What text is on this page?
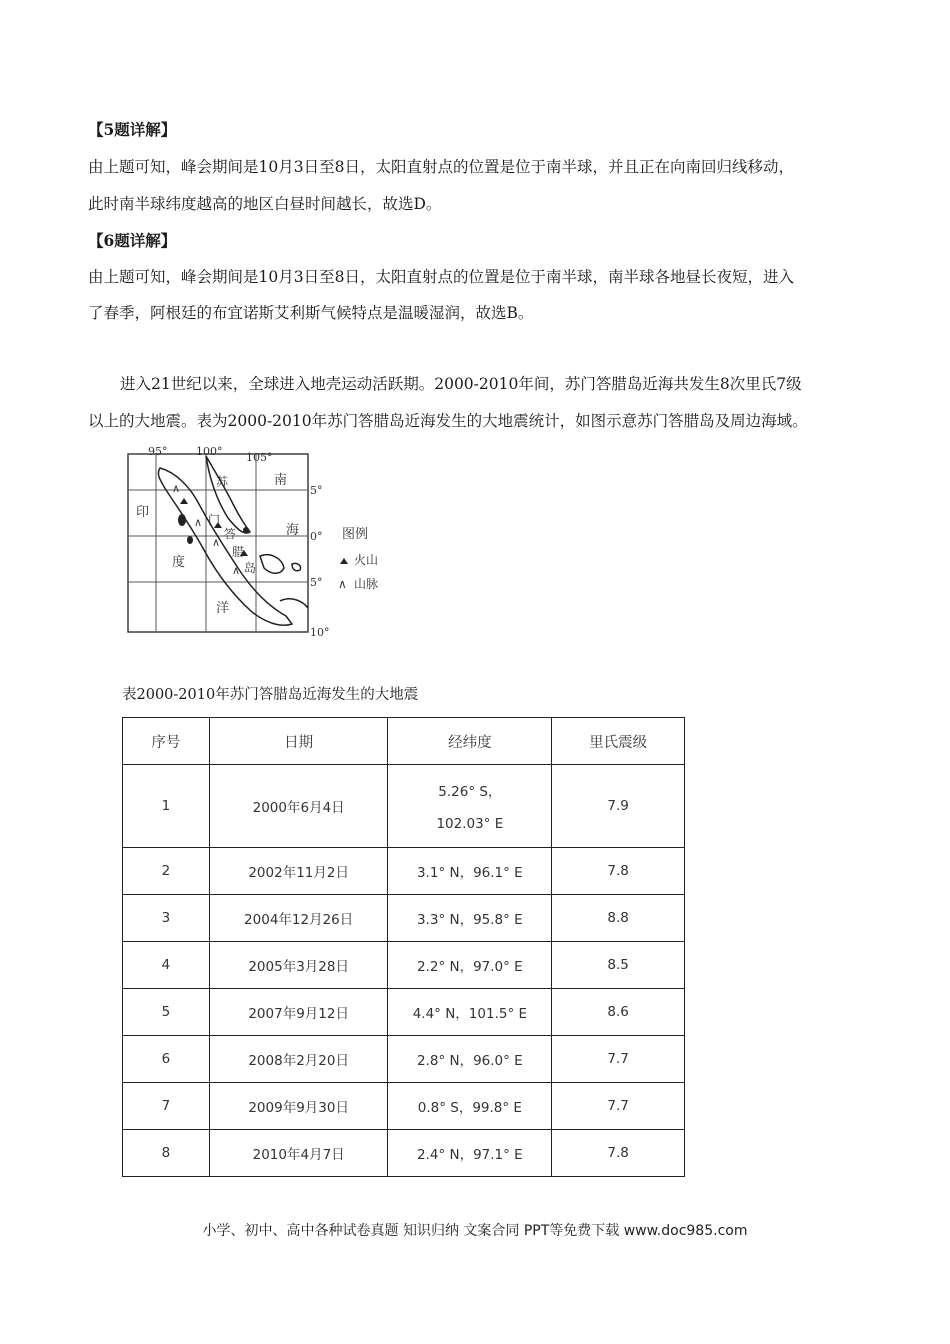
【5题详解】
由上题可知，峰会期间是10月3日至8日，太阳直射点的位置是位于南半球，并且正在向南回归线移动，
此时南半球纬度越高的地区白昼时间越长，故选D。
【6题详解】
由上题可知，峰会期间是10月3日至8日，太阳直射点的位置是位于南半球，南半球各地昼长夜短，进入
了春季，阿根廷的布宜诺斯艾利斯气候特点是温暖湿润，故选B。
进入21世纪以来，全球进入地壳运动活跃期。2000-2010年间，苏门答腊岛近海共发生8次里氏7级
以上的大地震。表为2000-2010年苏门答腊岛近海发生的大地震统计，如图示意苏门答腊岛及周边海域。
∧
∧
∧
∧
95°	100° 105°
5°
0°
5°
10°
印
度
洋
南
海
苏
门
答
腊
岛
图例
火山
∧ 山脉
表2000-2010年苏门答腊岛近海发生的大地震
序号	日期	经纬度	里氏震级
1	2000年6月4日	5.26° S，
102.03° E	7.9
2	2002年11月2日	3.1° N，96.1° E	7.8
3	2004年12月26日	3.3° N，95.8° E	8.8
4	2005年3月28日	2.2° N，97.0° E	8.5
5	2007年9月12日	4.4° N，101.5° E	8.6
6	2008年2月20日	2.8° N，96.0° E	7.7
7	2009年9月30日	0.8° S，99.8° E	7.7
8	2010年4月7日	2.4° N，97.1° E	7.8
小学、初中、高中各种试卷真题 知识归纳 文案合同 PPT等免费下载 www.doc985.com
